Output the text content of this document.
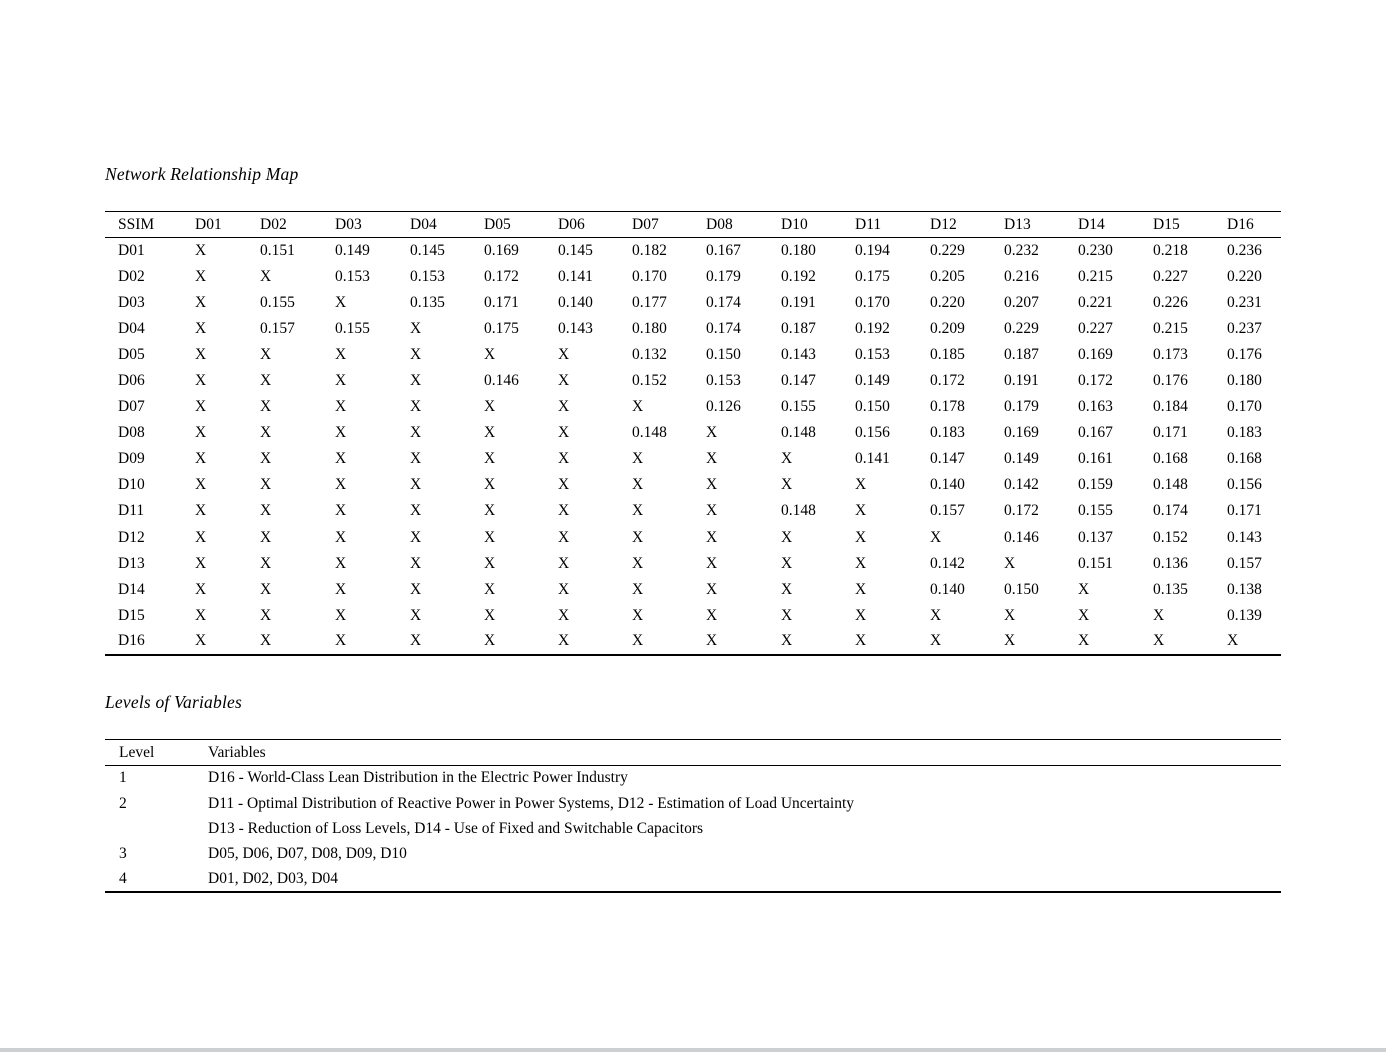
Network Relationship Map
SSIM	D01	D02	D03	D04	D05	D06	D07	D08	D10	D11	D12	D13	D14	D15	D16
D01	X	0.151	0.149	0.145	0.169	0.145	0.182	0.167	0.180	0.194	0.229	0.232	0.230	0.218	0.236
D02	X	X	0.153	0.153	0.172	0.141	0.170	0.179	0.192	0.175	0.205	0.216	0.215	0.227	0.220
D03	X	0.155	X	0.135	0.171	0.140	0.177	0.174	0.191	0.170	0.220	0.207	0.221	0.226	0.231
D04	X	0.157	0.155	X	0.175	0.143	0.180	0.174	0.187	0.192	0.209	0.229	0.227	0.215	0.237
D05	X	X	X	X	X	X	0.132	0.150	0.143	0.153	0.185	0.187	0.169	0.173	0.176
D06	X	X	X	X	0.146	X	0.152	0.153	0.147	0.149	0.172	0.191	0.172	0.176	0.180
D07	X	X	X	X	X	X	X	0.126	0.155	0.150	0.178	0.179	0.163	0.184	0.170
D08	X	X	X	X	X	X	0.148	X	0.148	0.156	0.183	0.169	0.167	0.171	0.183
D09	X	X	X	X	X	X	X	X	X	0.141	0.147	0.149	0.161	0.168	0.168
D10	X	X	X	X	X	X	X	X	X	X	0.140	0.142	0.159	0.148	0.156
D11	X	X	X	X	X	X	X	X	0.148	X	0.157	0.172	0.155	0.174	0.171
D12	X	X	X	X	X	X	X	X	X	X	X	0.146	0.137	0.152	0.143
D13	X	X	X	X	X	X	X	X	X	X	0.142	X	0.151	0.136	0.157
D14	X	X	X	X	X	X	X	X	X	X	0.140	0.150	X	0.135	0.138
D15	X	X	X	X	X	X	X	X	X	X	X	X	X	X	0.139
D16	X	X	X	X	X	X	X	X	X	X	X	X	X	X	X
Levels of Variables
Level	Variables
1	D16 - World-Class Lean Distribution in the Electric Power Industry
2	D11 - Optimal Distribution of Reactive Power in Power Systems, D12 - Estimation of Load Uncertainty
	D13 - Reduction of Loss Levels, D14 - Use of Fixed and Switchable Capacitors
3	D05, D06, D07, D08, D09, D10
4	D01, D02, D03, D04
